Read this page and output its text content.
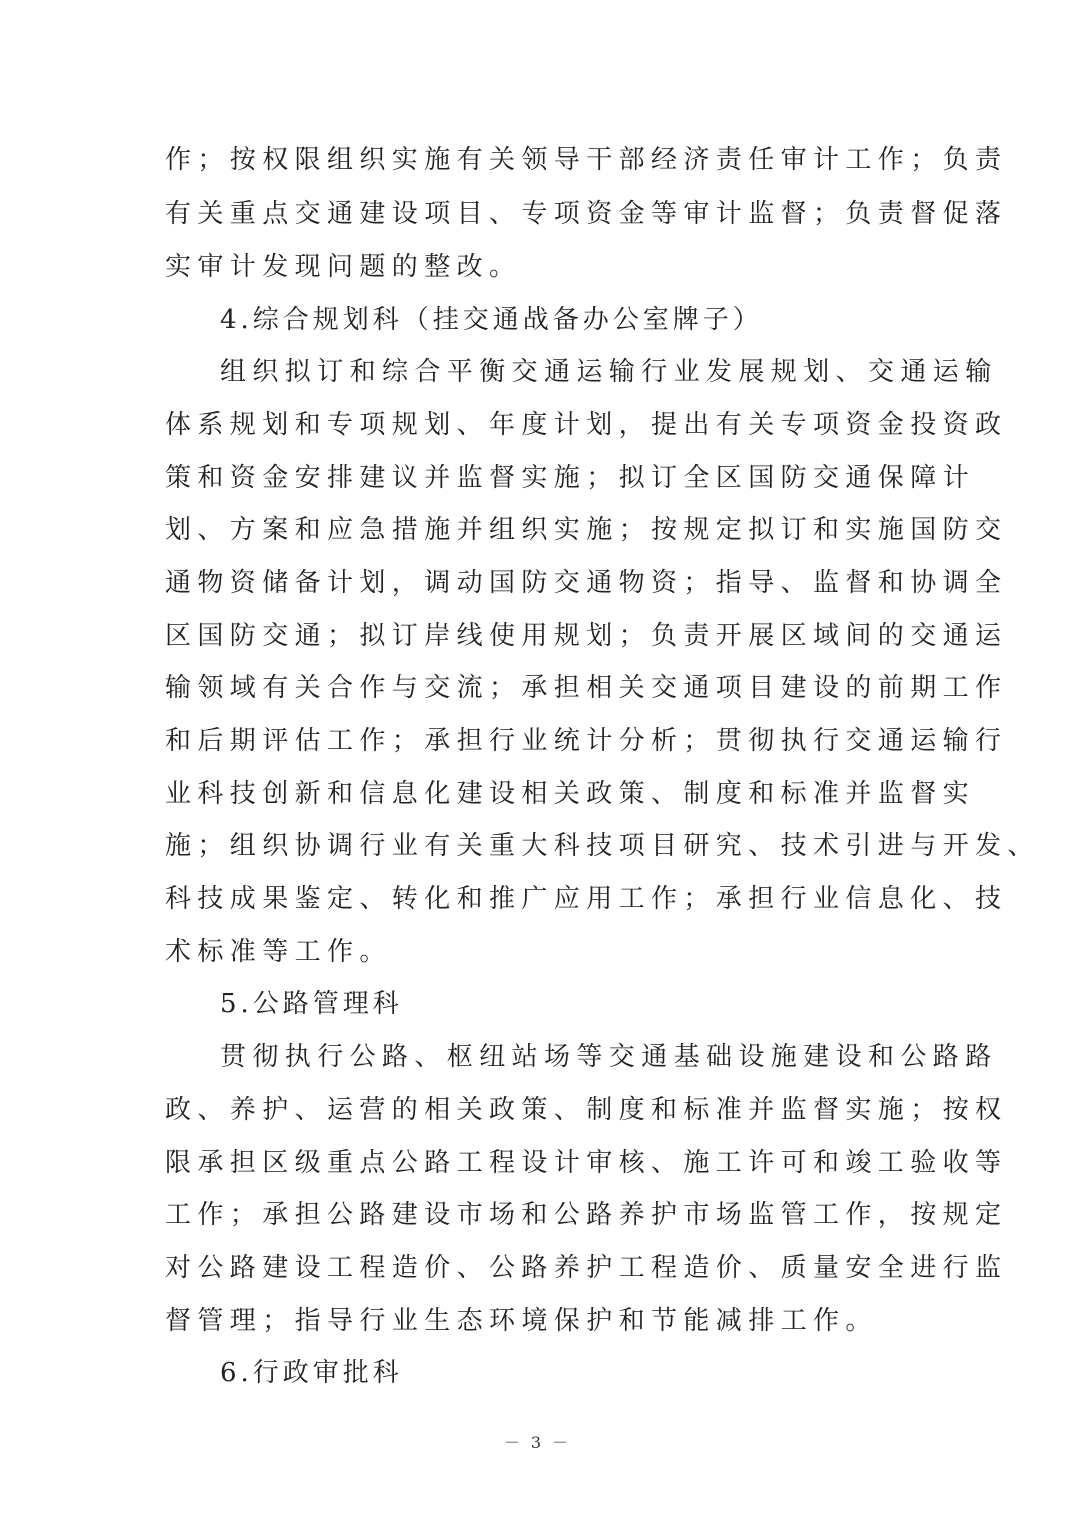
作；按权限组织实施有关领导干部经济责任审计工作；负责
有关重点交通建设项目、专项资金等审计监督；负责督促落
实审计发现问题的整改。
4.综合规划科（挂交通战备办公室牌子）
组织拟订和综合平衡交通运输行业发展规划、交通运输
体系规划和专项规划、年度计划，提出有关专项资金投资政
策和资金安排建议并监督实施；拟订全区国防交通保障计
划、方案和应急措施并组织实施；按规定拟订和实施国防交
通物资储备计划，调动国防交通物资；指导、监督和协调全
区国防交通；拟订岸线使用规划；负责开展区域间的交通运
输领域有关合作与交流；承担相关交通项目建设的前期工作
和后期评估工作；承担行业统计分析；贯彻执行交通运输行
业科技创新和信息化建设相关政策、制度和标准并监督实
施；组织协调行业有关重大科技项目研究、技术引进与开发、
科技成果鉴定、转化和推广应用工作；承担行业信息化、技
术标准等工作。
5.公路管理科
贯彻执行公路、枢纽站场等交通基础设施建设和公路路
政、养护、运营的相关政策、制度和标准并监督实施；按权
限承担区级重点公路工程设计审核、施工许可和竣工验收等
工作；承担公路建设市场和公路养护市场监管工作，按规定
对公路建设工程造价、公路养护工程造价、质量安全进行监
督管理；指导行业生态环境保护和节能减排工作。
6.行政审批科
－ 3 －
